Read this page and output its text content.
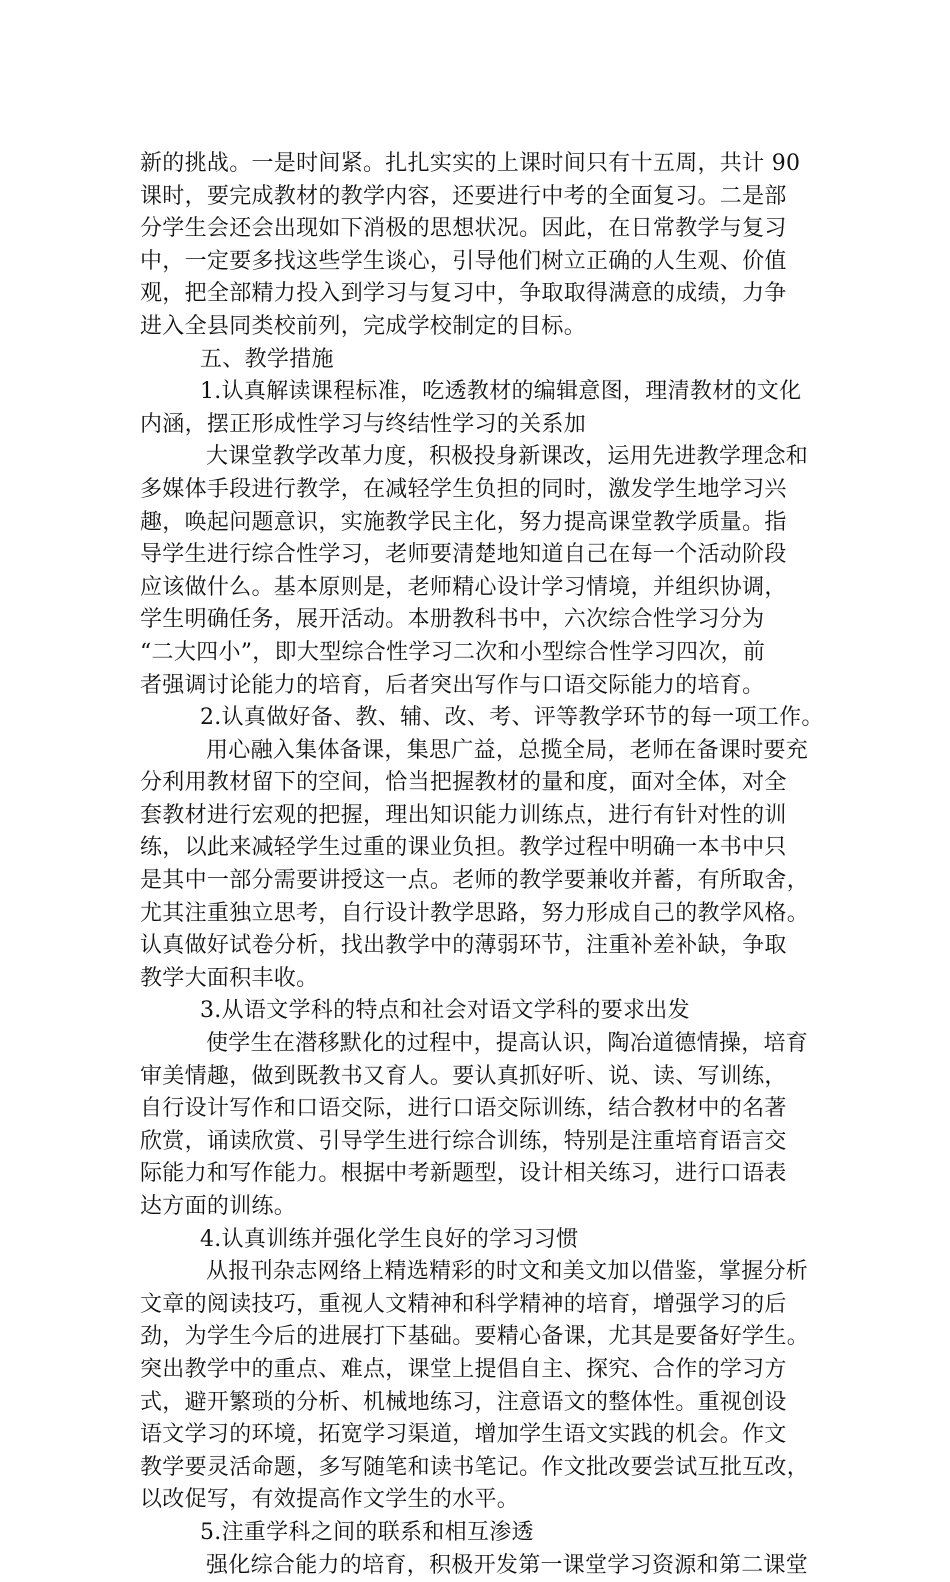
新的挑战。一是时间紧。扎扎实实的上课时间只有十五周，共计 90
课时，要完成教材的教学内容，还要进行中考的全面复习。二是部
分学生会还会出现如下消极的思想状况。因此，在日常教学与复习
中，一定要多找这些学生谈心，引导他们树立正确的人生观、价值
观，把全部精力投入到学习与复习中，争取取得满意的成绩，力争
进入全县同类校前列，完成学校制定的目标。
五、教学措施
1.认真解读课程标准，吃透教材的编辑意图，理清教材的文化
内涵，摆正形成性学习与终结性学习的关系加
大课堂教学改革力度，积极投身新课改，运用先进教学理念和
多媒体手段进行教学，在减轻学生负担的同时，激发学生地学习兴
趣，唤起问题意识，实施教学民主化，努力提高课堂教学质量。指
导学生进行综合性学习，老师要清楚地知道自己在每一个活动阶段
应该做什么。基本原则是，老师精心设计学习情境，并组织协调，
学生明确任务，展开活动。本册教科书中，六次综合性学习分为
“二大四小”，即大型综合性学习二次和小型综合性学习四次，前
者强调讨论能力的培育，后者突出写作与口语交际能力的培育。
2.认真做好备、教、辅、改、考、评等教学环节的每一项工作。
用心融入集体备课，集思广益，总揽全局，老师在备课时要充
分利用教材留下的空间，恰当把握教材的量和度，面对全体，对全
套教材进行宏观的把握，理出知识能力训练点，进行有针对性的训
练，以此来减轻学生过重的课业负担。教学过程中明确一本书中只
是其中一部分需要讲授这一点。老师的教学要兼收并蓄，有所取舍，
尤其注重独立思考，自行设计教学思路，努力形成自己的教学风格。
认真做好试卷分析，找出教学中的薄弱环节，注重补差补缺，争取
教学大面积丰收。
3.从语文学科的特点和社会对语文学科的要求出发
使学生在潜移默化的过程中，提高认识，陶冶道德情操，培育
审美情趣，做到既教书又育人。要认真抓好听、说、读、写训练，
自行设计写作和口语交际，进行口语交际训练，结合教材中的名著
欣赏，诵读欣赏、引导学生进行综合训练，特别是注重培育语言交
际能力和写作能力。根据中考新题型，设计相关练习，进行口语表
达方面的训练。
4.认真训练并强化学生良好的学习习惯
从报刊杂志网络上精选精彩的时文和美文加以借鉴，掌握分析
文章的阅读技巧，重视人文精神和科学精神的培育，增强学习的后
劲，为学生今后的进展打下基础。要精心备课，尤其是要备好学生。
突出教学中的重点、难点，课堂上提倡自主、探究、合作的学习方
式，避开繁琐的分析、机械地练习，注意语文的整体性。重视创设
语文学习的环境，拓宽学习渠道，增加学生语文实践的机会。作文
教学要灵活命题，多写随笔和读书笔记。作文批改要尝试互批互改，
以改促写，有效提高作文学生的水平。
5.注重学科之间的联系和相互渗透
强化综合能力的培育，积极开发第一课堂学习资源和第二课堂
